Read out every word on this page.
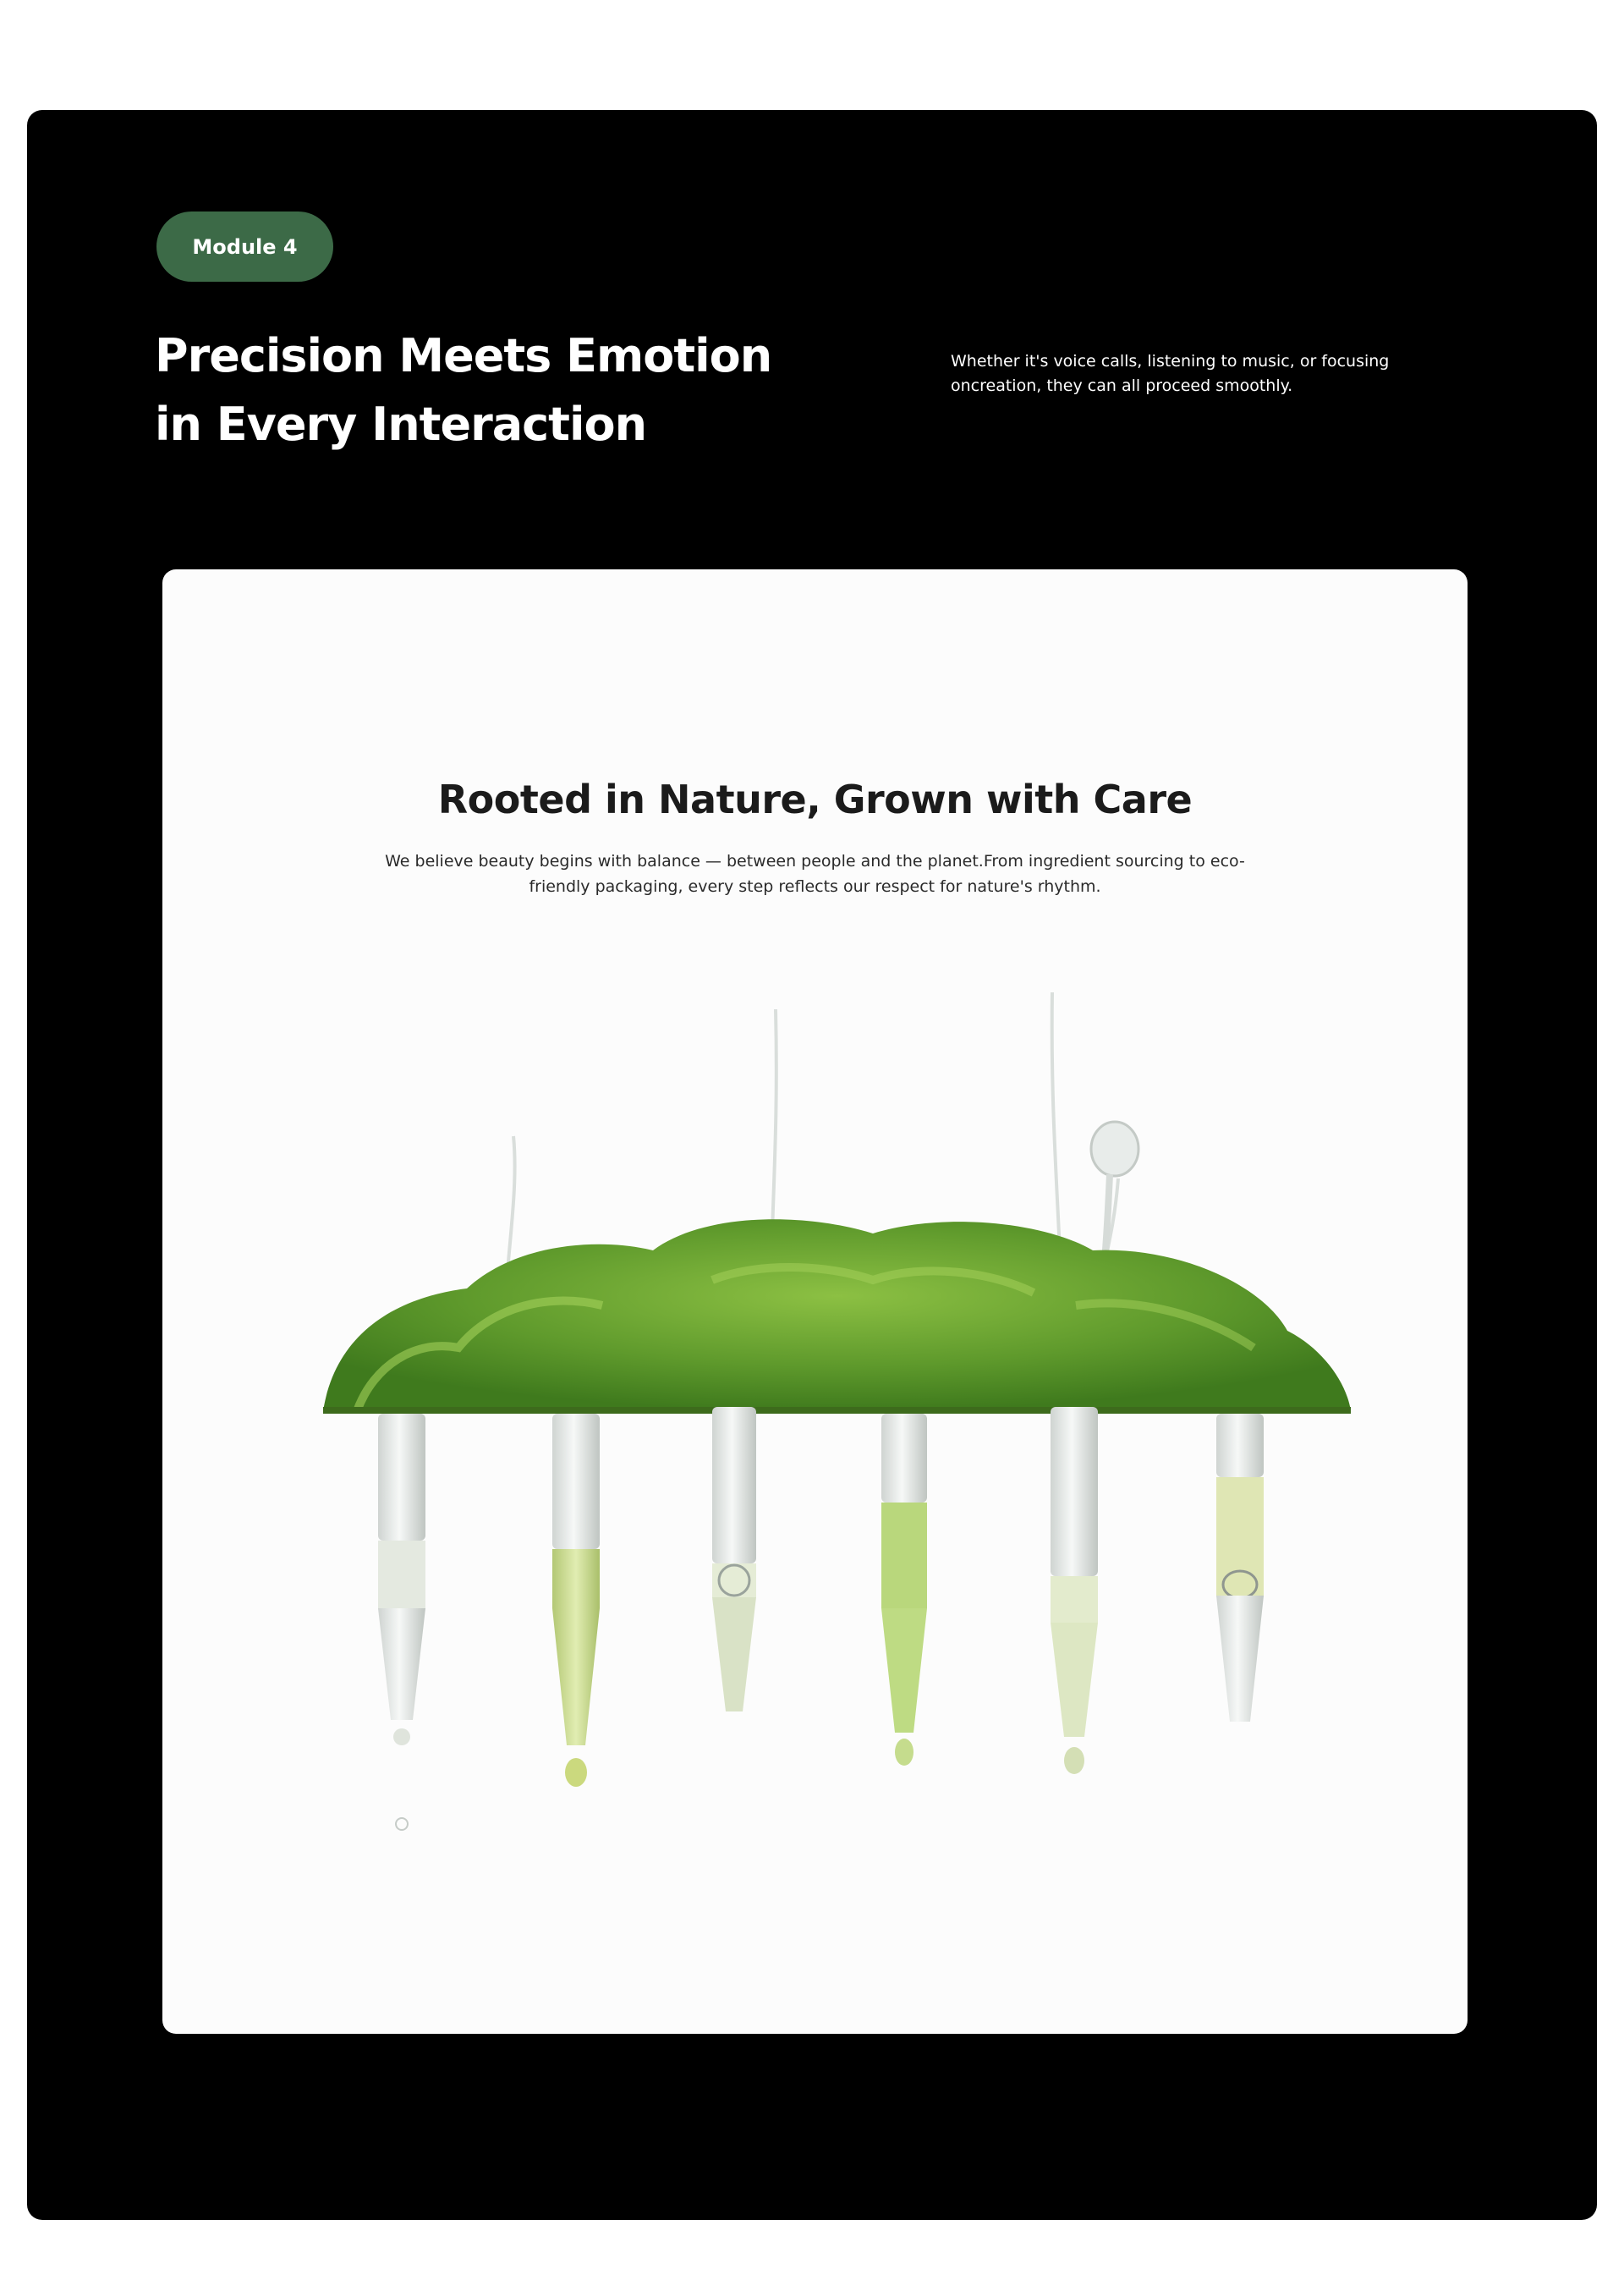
Module 4
Precision Meets Emotion
in Every Interaction

Whether it's voice calls, listening to music, or focusing oncreation, they can all proceed smoothly.

Rooted in Nature, Grown with Care

We believe beauty begins with balance — between people and the planet.From ingredient sourcing to eco-friendly packaging, every step reflects our respect for nature's rhythm.
